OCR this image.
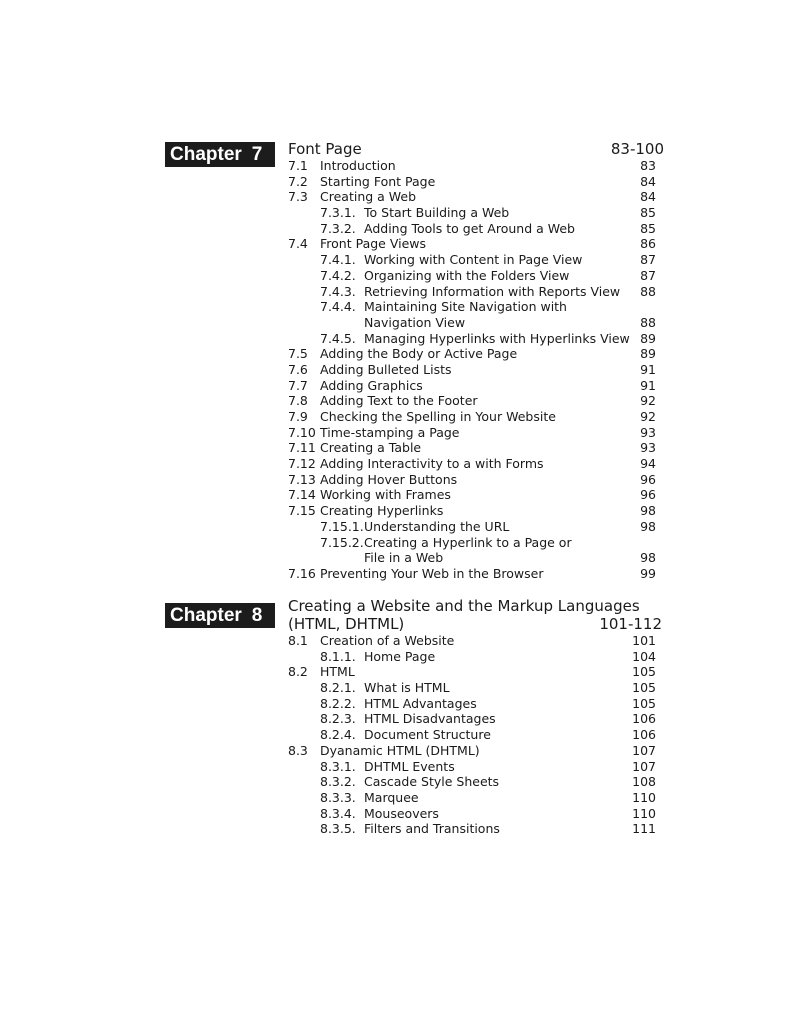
Chapter 7	Font Page	83-100
7.1 Introduction	83
7.2 Starting Font Page	84
7.3 Creating a Web	84
7.3.1. To Start Building a Web	85
7.3.2. Adding Tools to get Around a Web	85
7.4 Front Page Views	86
7.4.1. Working with Content in Page View	87
7.4.2. Organizing with the Folders View	87
7.4.3. Retrieving Information with Reports View 88
7.4.4. Maintaining Site Navigation with
Navigation View	88
7.4.5. Managing Hyperlinks with Hyperlinks View 89
7.5 Adding the Body or Active Page	89
7.6 Adding Bulleted Lists	91
7.7 Adding Graphics	91
7.8 Adding Text to the Footer	92
7.9 Checking the Spelling in Your Website	92
7.10 Time-stamping a Page	93
7.11 Creating a Table	93
7.12 Adding Interactivity to a with Forms	94
7.13 Adding Hover Buttons	96
7.14 Working with Frames	96
7.15 Creating Hyperlinks	98
7.15.1. Understanding the URL	98
7.15.2. Creating a Hyperlink to a Page or
File in a Web	98
7.16 Preventing Your Web in the Browser	99
Chapter 8	Creating a Website and the Markup Languages
(HTML, DHTML)	101-112
8.1 Creation of a Website	101
8.1.1. Home Page	104
8.2 HTML	105
8.2.1. What is HTML	105
8.2.2. HTML Advantages	105
8.2.3. HTML Disadvantages	106
8.2.4. Document Structure	106
8.3 Dyanamic HTML (DHTML)	107
8.3.1. DHTML Events	107
8.3.2. Cascade Style Sheets	108
8.3.3. Marquee	110
8.3.4. Mouseovers	110
8.3.5. Filters and Transitions	111
